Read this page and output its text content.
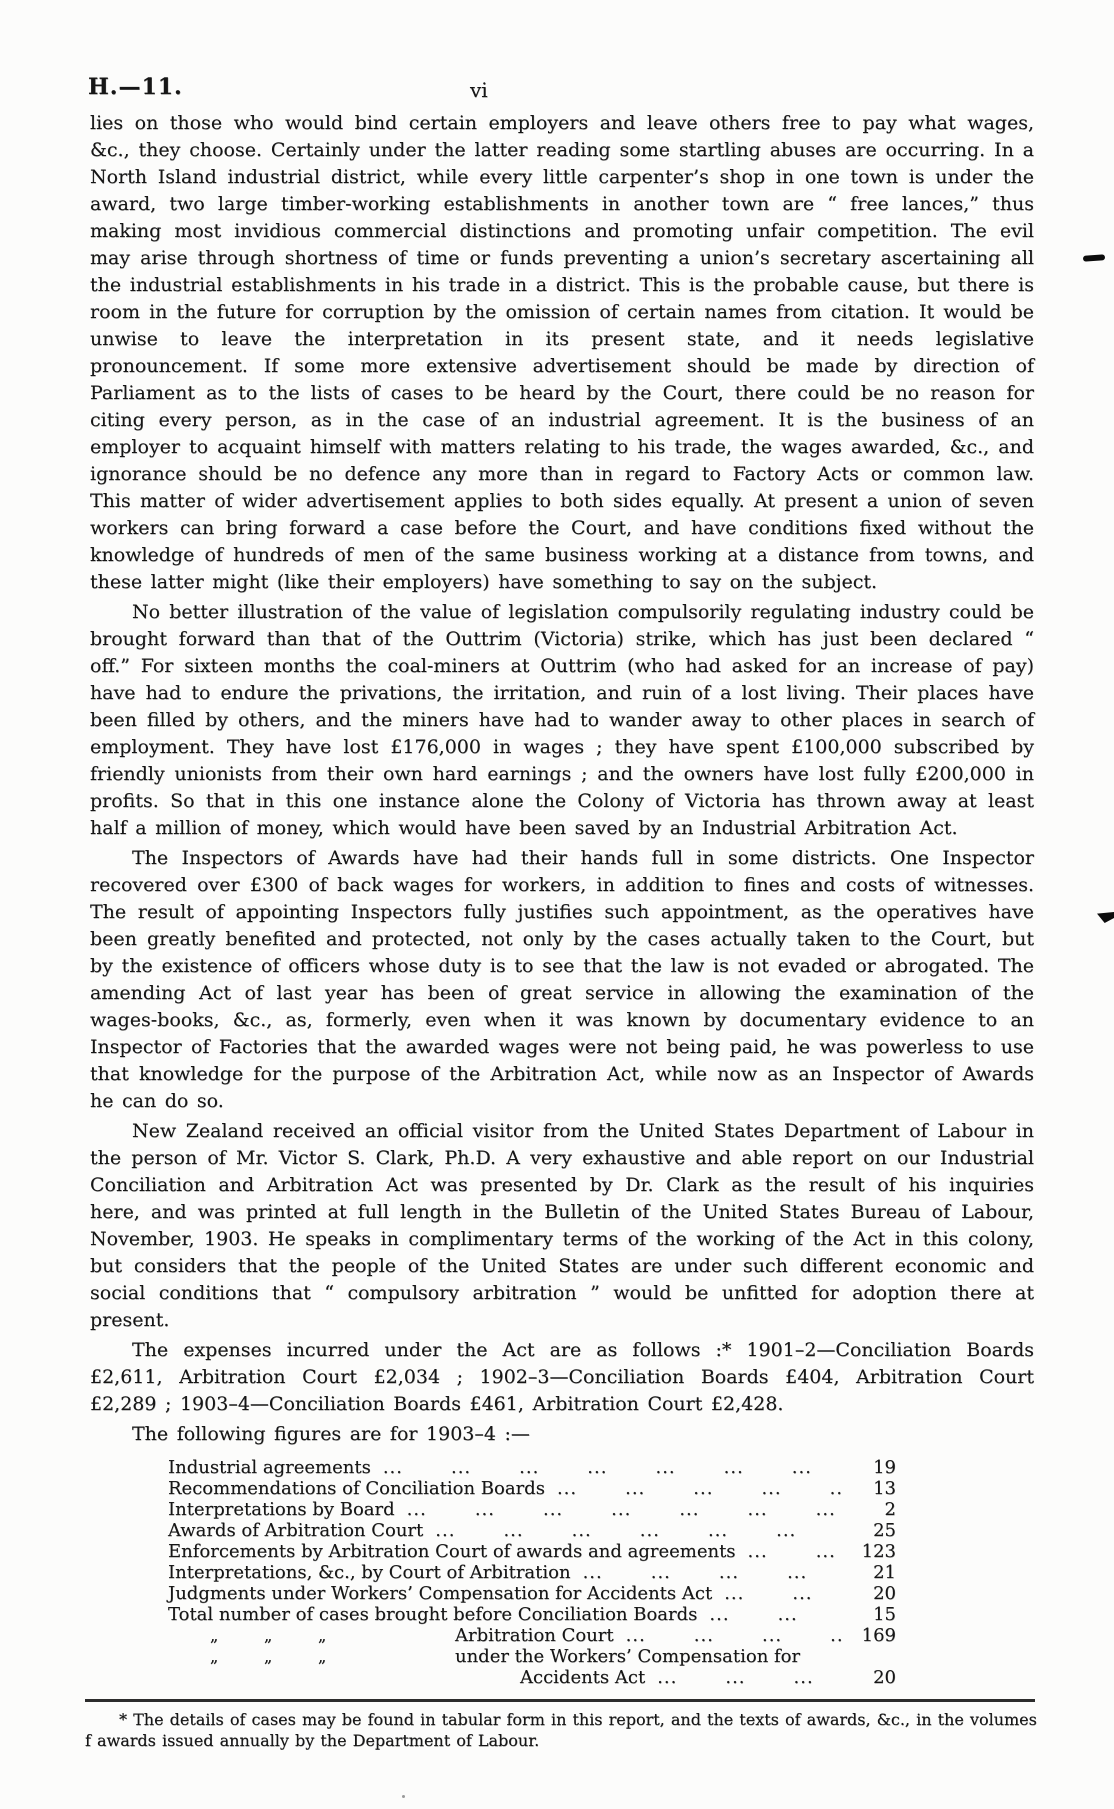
H.—11.	vi

lies on those who would bind certain employers and leave others free to pay what wages, &c., they choose. Certainly under the latter reading some startling abuses are occurring. In a North Island industrial district, while every little carpenter’s shop in one town is under the award, two large timber-working establishments in another town are “ free lances,” thus making most invidious commercial distinctions and promoting unfair competition. The evil may arise through shortness of time or funds preventing a union’s secretary ascertaining all the industrial establishments in his trade in a district. This is the probable cause, but there is room in the future for corruption by the omission of certain names from citation. It would be unwise to leave the interpretation in its present state, and it needs legislative pronouncement. If some more extensive advertisement should be made by direction of Parliament as to the lists of cases to be heard by the Court, there could be no reason for citing every person, as in the case of an industrial agreement. It is the business of an employer to acquaint himself with matters relating to his trade, the wages awarded, &c., and ignorance should be no defence any more than in regard to Factory Acts or common law. This matter of wider advertisement applies to both sides equally. At present a union of seven workers can bring forward a case before the Court, and have conditions fixed without the knowledge of hundreds of men of the same business working at a distance from towns, and these latter might (like their employers) have something to say on the subject.

No better illustration of the value of legislation compulsorily regulating industry could be brought forward than that of the Outtrim (Victoria) strike, which has just been declared “ off.” For sixteen months the coal-miners at Outtrim (who had asked for an increase of pay) have had to endure the privations, the irritation, and ruin of a lost living. Their places have been filled by others, and the miners have had to wander away to other places in search of employment. They have lost £176,000 in wages ; they have spent £100,000 subscribed by friendly unionists from their own hard earnings ; and the owners have lost fully £200,000 in profits. So that in this one instance alone the Colony of Victoria has thrown away at least half a million of money, which would have been saved by an Industrial Arbitration Act.

The Inspectors of Awards have had their hands full in some districts. One Inspector recovered over £300 of back wages for workers, in addition to fines and costs of witnesses. The result of appointing Inspectors fully justifies such appointment, as the operatives have been greatly benefited and protected, not only by the cases actually taken to the Court, but by the existence of officers whose duty is to see that the law is not evaded or abrogated. The amending Act of last year has been of great service in allowing the examination of the wages-books, &c., as, formerly, even when it was known by documentary evidence to an Inspector of Factories that the awarded wages were not being paid, he was powerless to use that knowledge for the purpose of the Arbitration Act, while now as an Inspector of Awards he can do so.

New Zealand received an official visitor from the United States Department of Labour in the person of Mr. Victor S. Clark, Ph.D. A very exhaustive and able report on our Industrial Conciliation and Arbitration Act was presented by Dr. Clark as the result of his inquiries here, and was printed at full length in the Bulletin of the United States Bureau of Labour, November, 1903. He speaks in complimentary terms of the working of the Act in this colony, but considers that the people of the United States are under such different economic and social conditions that “ compulsory arbitration ” would be unfitted for adoption there at present.

The expenses incurred under the Act are as follows :* 1901–2—Conciliation Boards £2,611, Arbitration Court £2,034 ; 1902–3—Conciliation Boards £404, Arbitration Court £2,289 ; 1903–4—Conciliation Boards £461, Arbitration Court £2,428.

The following figures are for 1903–4 :—

Industrial agreements ...  	19
Recommendations of Conciliation Boards ...  	13
Interpretations by Board ...  	2
Awards of Arbitration Court ...  	25
Enforcements by Arbitration Court of awards and agreements ...  	123
Interpretations, &c., by Court of Arbitration ...  	21
Judgments under Workers’ Compensation for Accidents Act ...  	20
Total number of cases brought before Conciliation Boards ...  	15
„	„	„	Arbitration Court ...  	169
„	„	„	under the Workers’ Compensation for
Accidents Act ...  	20
* The details of cases may be found in tabular form in this report, and the texts of awards, &c., in the volumes
f awards issued annually by the Department of Labour.
